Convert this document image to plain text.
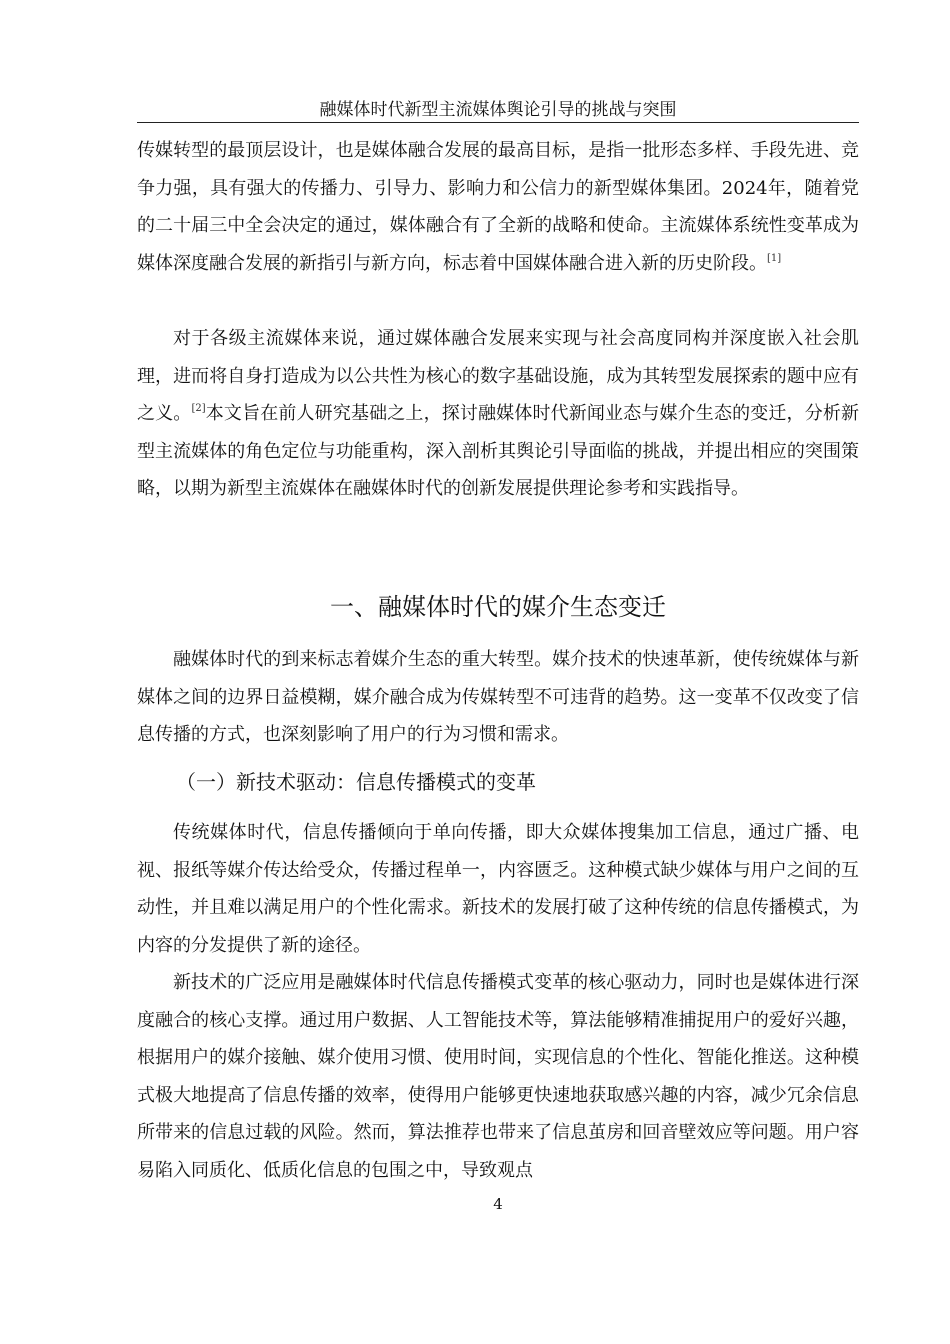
融媒体时代新型主流媒体舆论引导的挑战与突围

传媒转型的最顶层设计，也是媒体融合发展的最高目标，是指一批形态多样、手段先进、竞争力强，具有强大的传播力、引导力、影响力和公信力的新型媒体集团。2024年，随着党的二十届三中全会决定的通过，媒体融合有了全新的战略和使命。主流媒体系统性变革成为媒体深度融合发展的新指引与新方向，标志着中国媒体融合进入新的历史阶段。[1]

对于各级主流媒体来说，通过媒体融合发展来实现与社会高度同构并深度嵌入社会肌理，进而将自身打造成为以公共性为核心的数字基础设施，成为其转型发展探索的题中应有之义。[2]本文旨在前人研究基础之上，探讨融媒体时代新闻业态与媒介生态的变迁，分析新型主流媒体的角色定位与功能重构，深入剖析其舆论引导面临的挑战，并提出相应的突围策略，以期为新型主流媒体在融媒体时代的创新发展提供理论参考和实践指导。

一、融媒体时代的媒介生态变迁

融媒体时代的到来标志着媒介生态的重大转型。媒介技术的快速革新，使传统媒体与新媒体之间的边界日益模糊，媒介融合成为传媒转型不可违背的趋势。这一变革不仅改变了信息传播的方式，也深刻影响了用户的行为习惯和需求。

（一）新技术驱动：信息传播模式的变革

传统媒体时代，信息传播倾向于单向传播，即大众媒体搜集加工信息，通过广播、电视、报纸等媒介传达给受众，传播过程单一，内容匮乏。这种模式缺少媒体与用户之间的互动性，并且难以满足用户的个性化需求。新技术的发展打破了这种传统的信息传播模式，为内容的分发提供了新的途径。

新技术的广泛应用是融媒体时代信息传播模式变革的核心驱动力，同时也是媒体进行深度融合的核心支撑。通过用户数据、人工智能技术等，算法能够精准捕捉用户的爱好兴趣，根据用户的媒介接触、媒介使用习惯、使用时间，实现信息的个性化、智能化推送。这种模式极大地提高了信息传播的效率，使得用户能够更快速地获取感兴趣的内容，减少冗余信息所带来的信息过载的风险。然而，算法推荐也带来了信息茧房和回音壁效应等问题。用户容易陷入同质化、低质化信息的包围之中，导致观点

4
